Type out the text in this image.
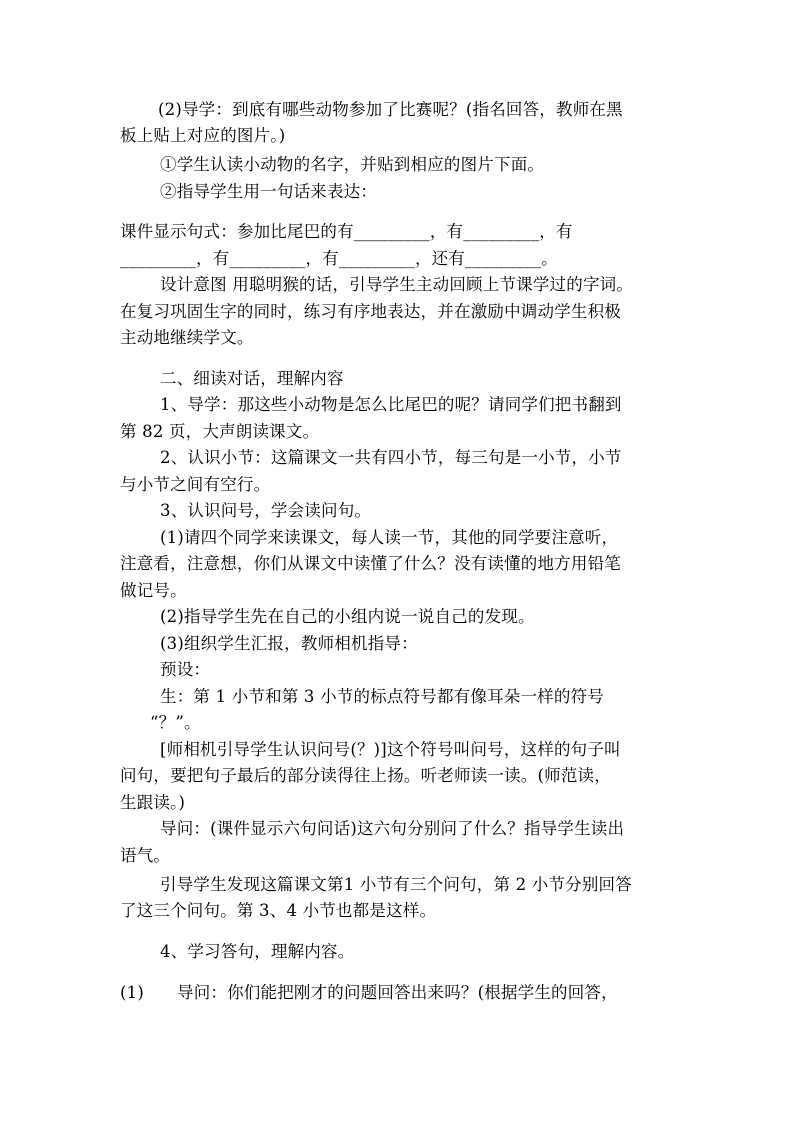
(2)导学：到底有哪些动物参加了比赛呢？(指名回答，教师在黑
板上贴上对应的图片。)
①学生认读小动物的名字，并贴到相应的图片下面。
②指导学生用一句话来表达：
课件显示句式：参加比尾巴的有_________，有_________，有
_________，有_________，有_________，还有_________。
设计意图 用聪明猴的话，引导学生主动回顾上节课学过的字词。
在复习巩固生字的同时，练习有序地表达，并在激励中调动学生积极
主动地继续学文。
二、细读对话，理解内容
1、导学：那这些小动物是怎么比尾巴的呢？请同学们把书翻到
第 82 页，大声朗读课文。
2、认识小节：这篇课文一共有四小节，每三句是一小节，小节
与小节之间有空行。
3、认识问号，学会读问句。
(1)请四个同学来读课文，每人读一节，其他的同学要注意听，
注意看，注意想，你们从课文中读懂了什么？没有读懂的地方用铅笔
做记号。
(2)指导学生先在自己的小组内说一说自己的发现。
(3)组织学生汇报，教师相机指导：
预设：
生：第 1 小节和第 3 小节的标点符号都有像耳朵一样的符号
“？”。
[师相机引导学生认识问号(？)]这个符号叫问号，这样的句子叫
问句，要把句子最后的部分读得往上扬。听老师读一读。(师范读，
生跟读。)
导问：(课件显示六句问话)这六句分别问了什么？指导学生读出
语气。
引导学生发现这篇课文第1 小节有三个问句，第 2 小节分别回答
了这三个问句。第 3、4 小节也都是这样。
4、学习答句，理解内容。
(1) 导问：你们能把刚才的问题回答出来吗？(根据学生的回答，
